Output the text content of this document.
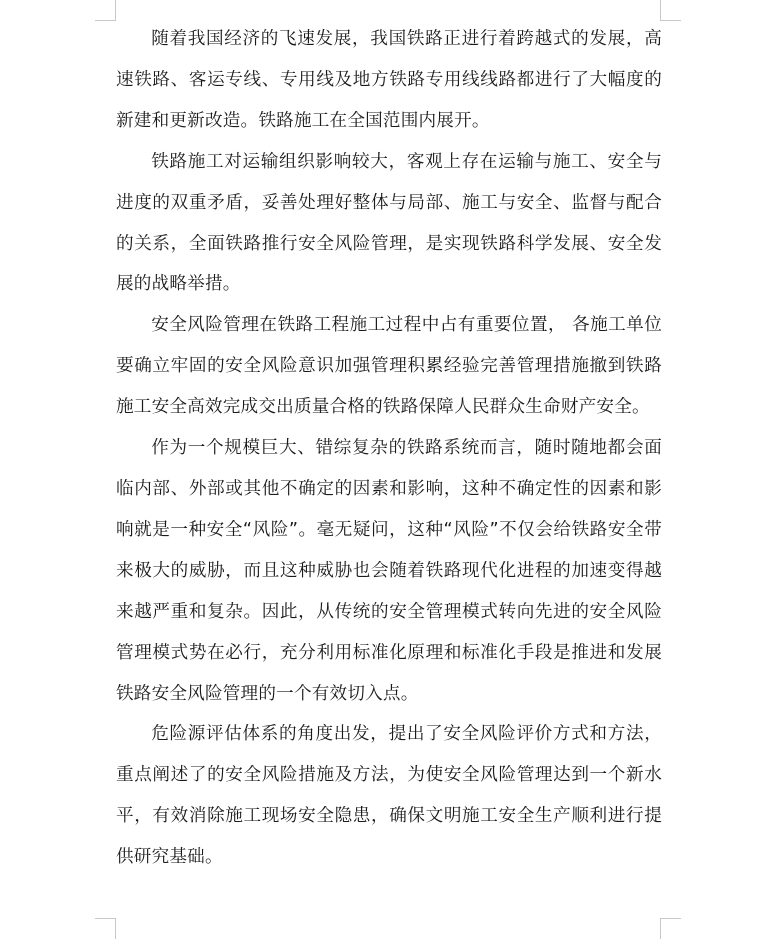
随着我国经济的飞速发展，我国铁路正进行着跨越式的发展，高速铁路、客运专线、专用线及地方铁路专用线线路都进行了大幅度的新建和更新改造。铁路施工在全国范围内展开。

铁路施工对运输组织影响较大，客观上存在运输与施工、安全与进度的双重矛盾，妥善处理好整体与局部、施工与安全、监督与配合的关系，全面铁路推行安全风险管理，是实现铁路科学发展、安全发展的战略举措。

安全风险管理在铁路工程施工过程中占有重要位置， 各施工单位要确立牢固的安全风险意识加强管理积累经验完善管理措施撤到铁路施工安全高效完成交出质量合格的铁路保障人民群众生命财产安全。

作为一个规模巨大、错综复杂的铁路系统而言，随时随地都会面临内部、外部或其他不确定的因素和影响，这种不确定性的因素和影响就是一种安全“风险”。毫无疑问，这种“风险”不仅会给铁路安全带来极大的威胁，而且这种威胁也会随着铁路现代化进程的加速变得越来越严重和复杂。因此，从传统的安全管理模式转向先进的安全风险管理模式势在必行，充分利用标准化原理和标准化手段是推进和发展铁路安全风险管理的一个有效切入点。

危险源评估体系的角度出发，提出了安全风险评价方式和方法，重点阐述了的安全风险措施及方法，为使安全风险管理达到一个新水平，有效消除施工现场安全隐患，确保文明施工安全生产顺利进行提供研究基础。
